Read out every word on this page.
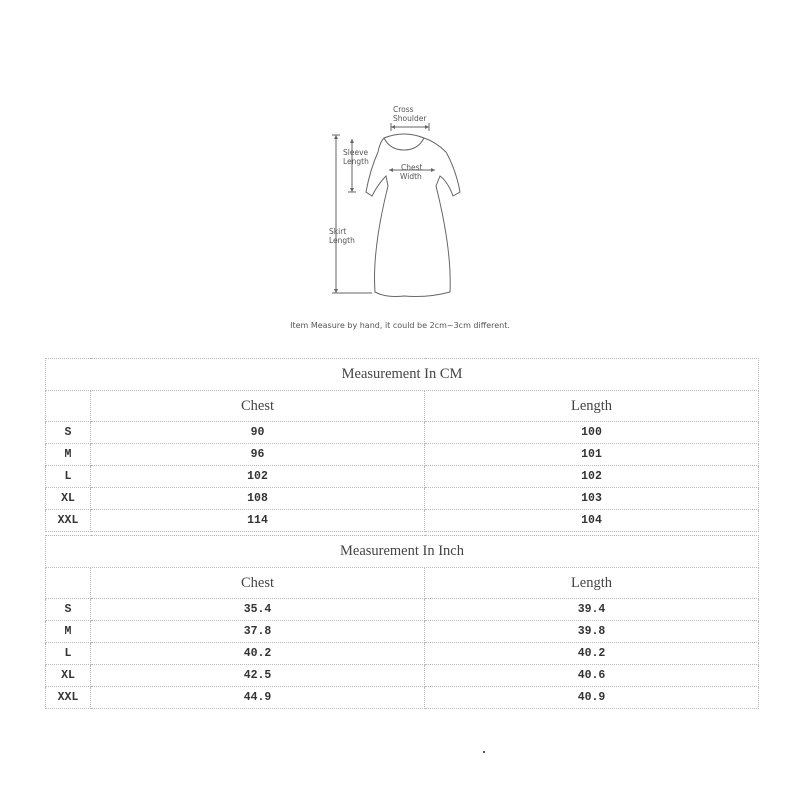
Cross
Shoulder
Sleeve
Length
Chest
Width
Skirt
Length
Item Measure by hand, it could be 2cm~3cm different.
Measurement In CM		
	Chest	Length
S	90	100
M	96	101
L	102	102
XL	108	103
XXL	114	104
Measurement In Inch		
	Chest	Length
S	35.4	39.4
M	37.8	39.8
L	40.2	40.2
XL	42.5	40.6
XXL	44.9	40.9
